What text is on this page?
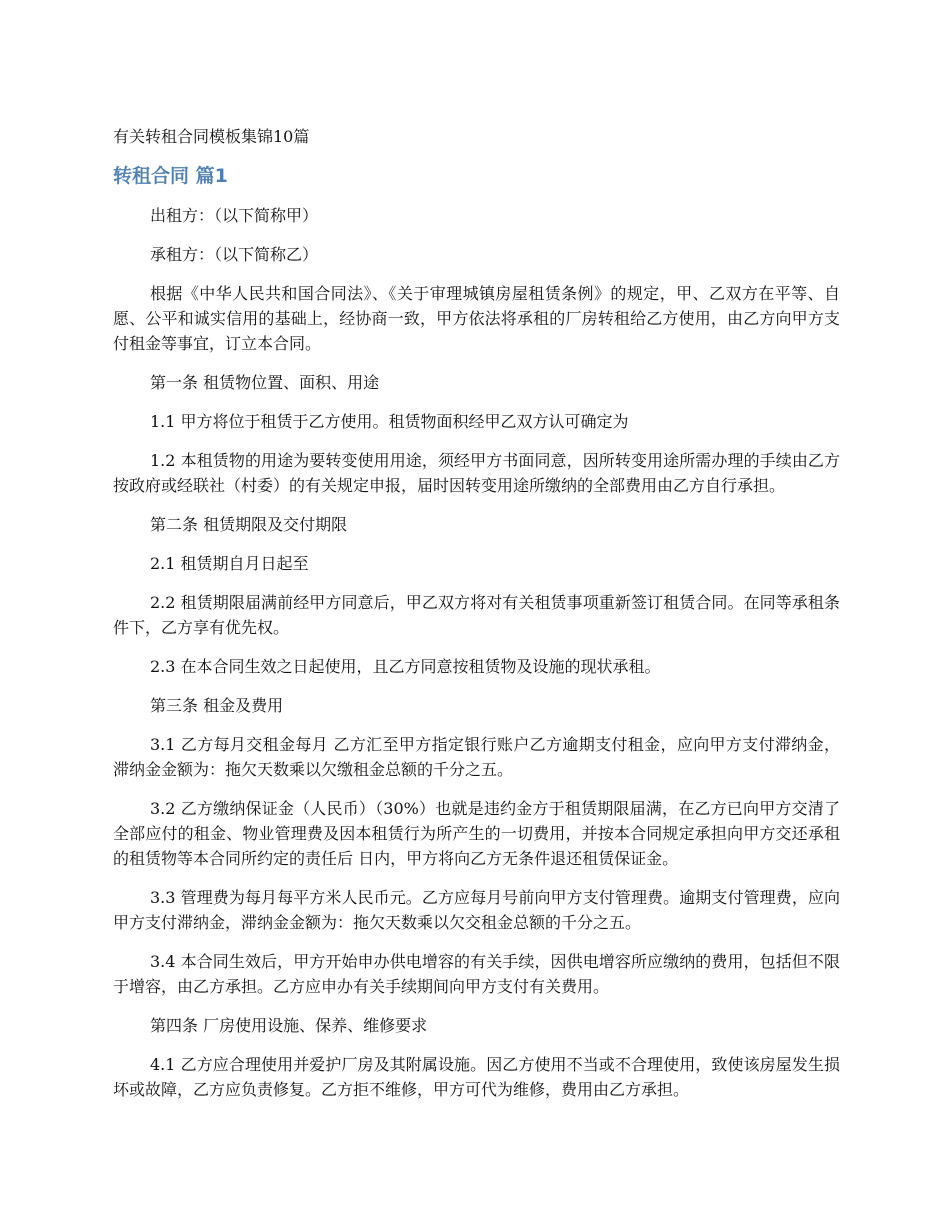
有关转租合同模板集锦10篇
转租合同 篇1

出租方：（以下简称甲）

承租方：（以下简称乙）

根据《中华人民共和国合同法》、《关于审理城镇房屋租赁条例》的规定，甲、乙双方在平等、自愿、公平和诚实信用的基础上，经协商一致，甲方依法将承租的厂房转租给乙方使用，由乙方向甲方支付租金等事宜，订立本合同。

第一条 租赁物位置、面积、用途

1.1 甲方将位于租赁于乙方使用。租赁物面积经甲乙双方认可确定为

1.2 本租赁物的用途为要转变使用用途，须经甲方书面同意，因所转变用途所需办理的手续由乙方按政府或经联社（村委）的有关规定申报，届时因转变用途所缴纳的全部费用由乙方自行承担。

第二条 租赁期限及交付期限

2.1 租赁期自月日起至

2.2 租赁期限届满前经甲方同意后，甲乙双方将对有关租赁事项重新签订租赁合同。在同等承租条件下，乙方享有优先权。

2.3 在本合同生效之日起使用，且乙方同意按租赁物及设施的现状承租。

第三条 租金及费用

3.1 乙方每月交租金每月 乙方汇至甲方指定银行账户乙方逾期支付租金，应向甲方支付滞纳金，滞纳金金额为：拖欠天数乘以欠缴租金总额的千分之五。

3.2 乙方缴纳保证金（人民币）（30%）也就是违约金方于租赁期限届满，在乙方已向甲方交清了全部应付的租金、物业管理费及因本租赁行为所产生的一切费用，并按本合同规定承担向甲方交还承租的租赁物等本合同所约定的责任后 日内，甲方将向乙方无条件退还租赁保证金。

3.3 管理费为每月每平方米人民币元。乙方应每月号前向甲方支付管理费。逾期支付管理费，应向甲方支付滞纳金，滞纳金金额为：拖欠天数乘以欠交租金总额的千分之五。

3.4 本合同生效后，甲方开始申办供电增容的有关手续，因供电增容所应缴纳的费用，包括但不限于增容，由乙方承担。乙方应申办有关手续期间向甲方支付有关费用。

第四条 厂房使用设施、保养、维修要求

4.1 乙方应合理使用并爱护厂房及其附属设施。因乙方使用不当或不合理使用，致使该房屋发生损坏或故障，乙方应负责修复。乙方拒不维修，甲方可代为维修，费用由乙方承担。
